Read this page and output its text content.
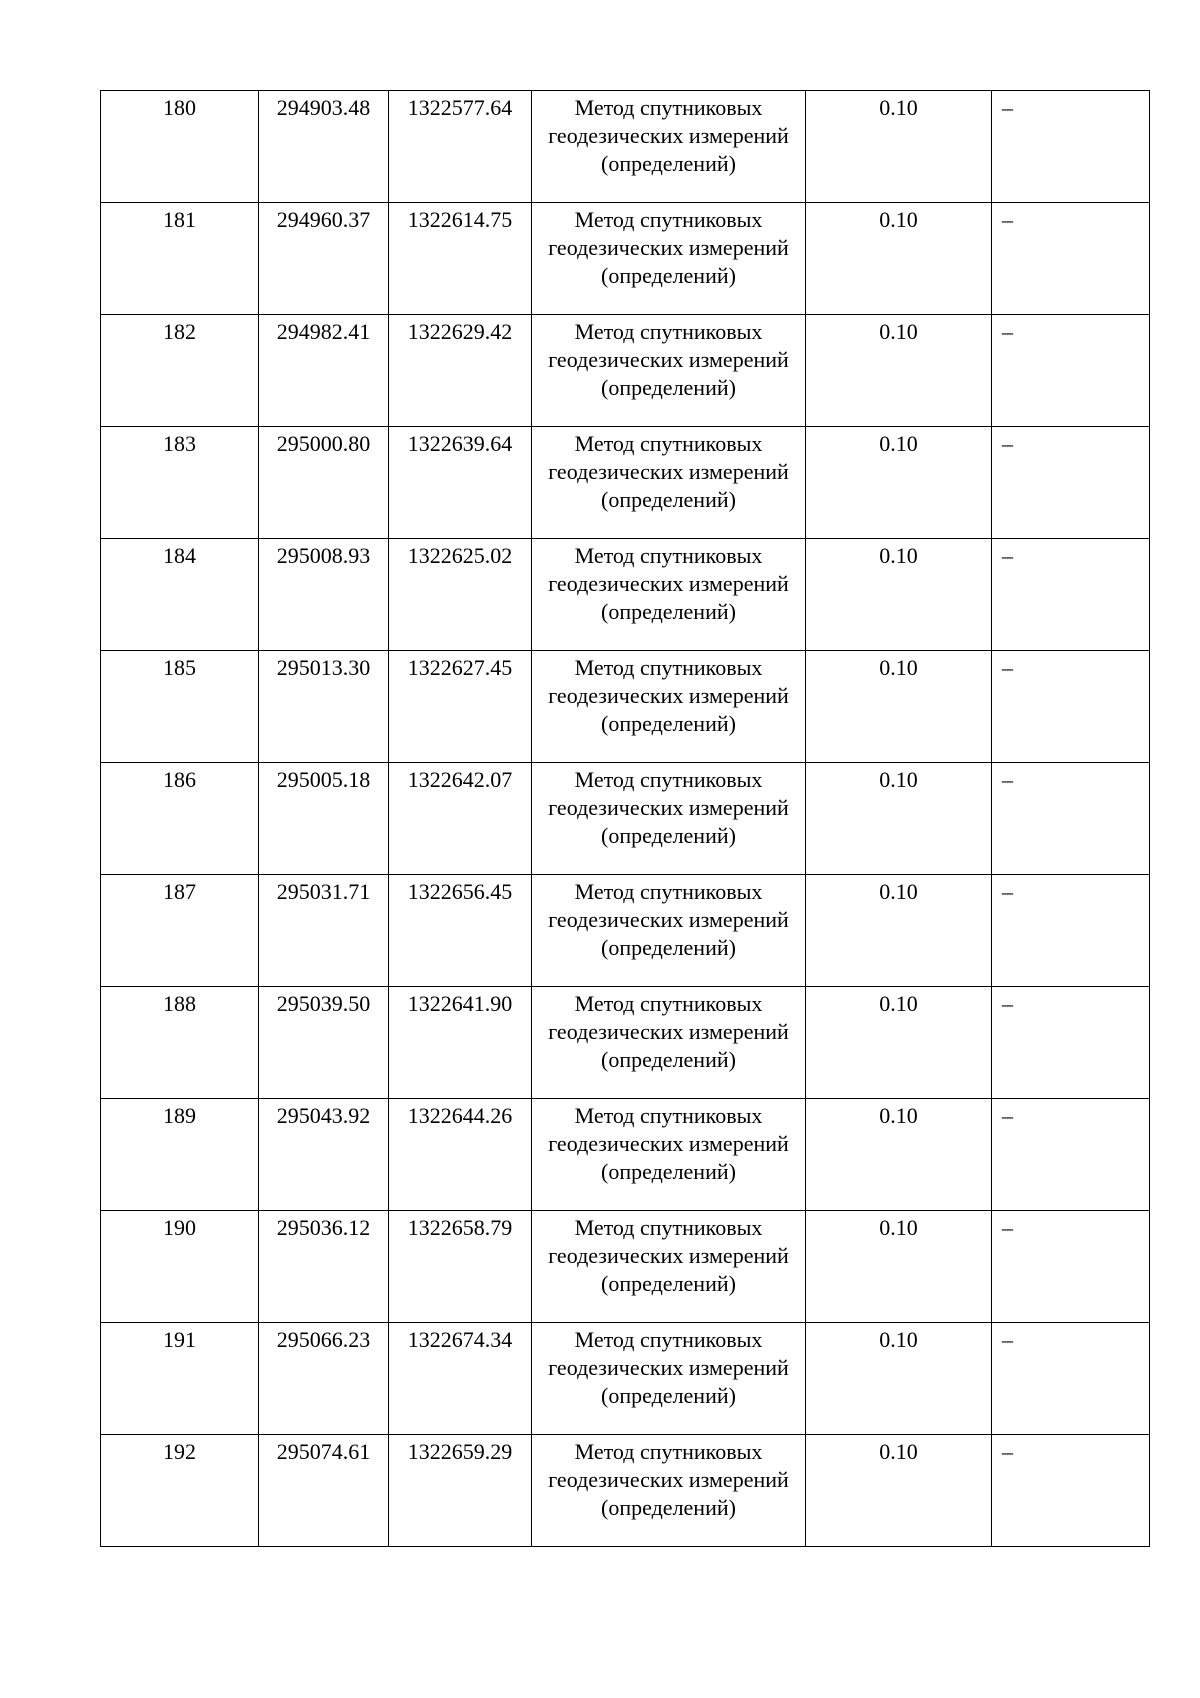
180	294903.48	1322577.64	Метод спутниковых геодезических измерений (определений)	0.10	–
181	294960.37	1322614.75	Метод спутниковых геодезических измерений (определений)	0.10	–
182	294982.41	1322629.42	Метод спутниковых геодезических измерений (определений)	0.10	–
183	295000.80	1322639.64	Метод спутниковых геодезических измерений (определений)	0.10	–
184	295008.93	1322625.02	Метод спутниковых геодезических измерений (определений)	0.10	–
185	295013.30	1322627.45	Метод спутниковых геодезических измерений (определений)	0.10	–
186	295005.18	1322642.07	Метод спутниковых геодезических измерений (определений)	0.10	–
187	295031.71	1322656.45	Метод спутниковых геодезических измерений (определений)	0.10	–
188	295039.50	1322641.90	Метод спутниковых геодезических измерений (определений)	0.10	–
189	295043.92	1322644.26	Метод спутниковых геодезических измерений (определений)	0.10	–
190	295036.12	1322658.79	Метод спутниковых геодезических измерений (определений)	0.10	–
191	295066.23	1322674.34	Метод спутниковых геодезических измерений (определений)	0.10	–
192	295074.61	1322659.29	Метод спутниковых геодезических измерений (определений)	0.10	–
